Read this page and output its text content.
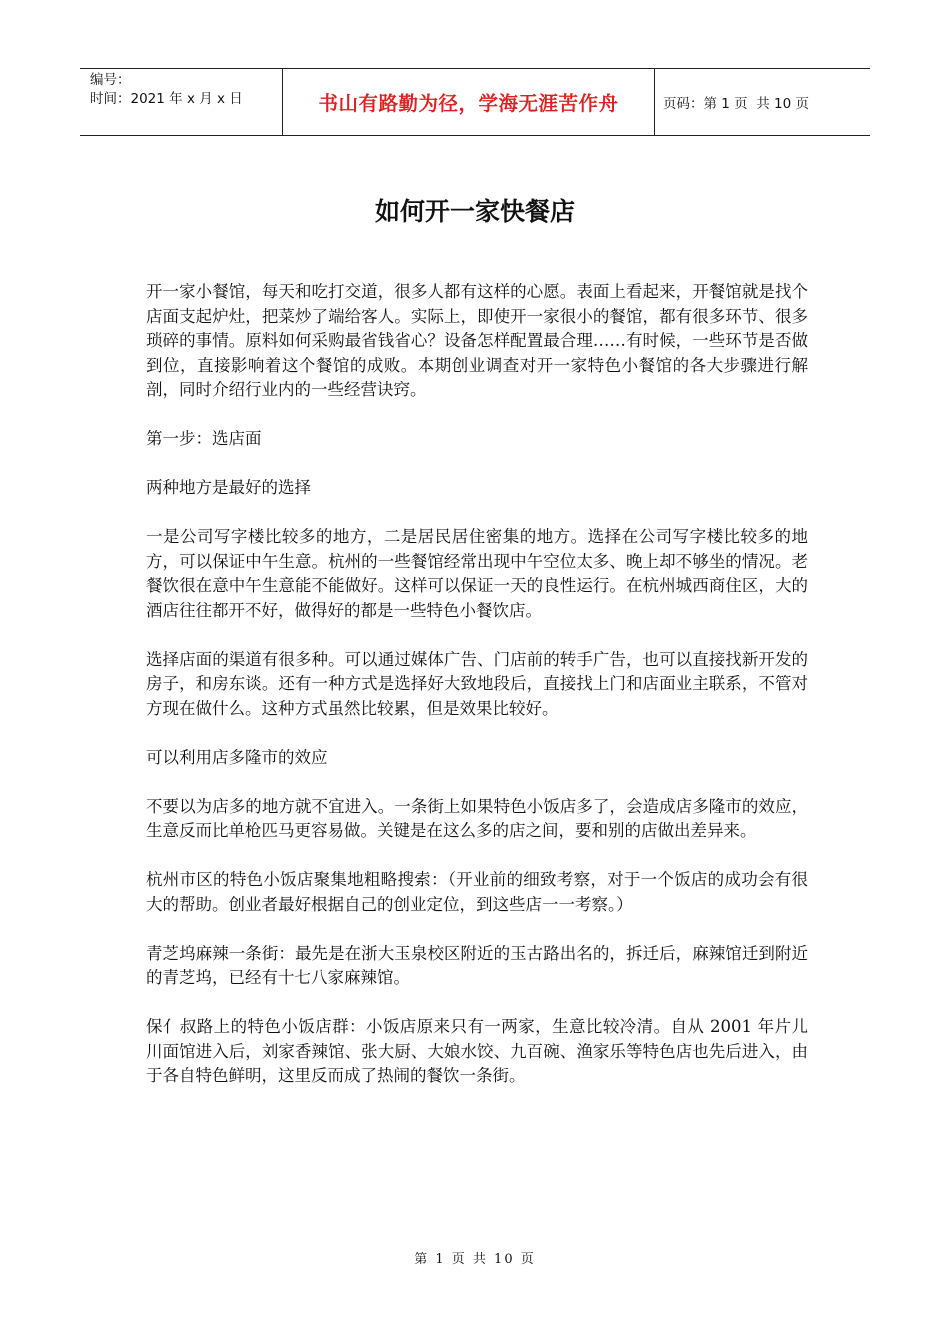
编号：
时间：2021 年 x 月 x 日	书山有路勤为径，学海无涯苦作舟	页码：第 1 页  共 10 页
如何开一家快餐店

开一家小餐馆，每天和吃打交道，很多人都有这样的心愿。表面上看起来，开餐馆就是找个店面支起炉灶，把菜炒了端给客人。实际上，即使开一家很小的餐馆，都有很多环节、很多琐碎的事情。原料如何采购最省钱省心？设备怎样配置最合理……有时候，一些环节是否做到位，直接影响着这个餐馆的成败。本期创业调查对开一家特色小餐馆的各大步骤进行解剖，同时介绍行业内的一些经营诀窍。

第一步：选店面

两种地方是最好的选择

一是公司写字楼比较多的地方，二是居民居住密集的地方。选择在公司写字楼比较多的地方，可以保证中午生意。杭州的一些餐馆经常出现中午空位太多、晚上却不够坐的情况。老餐饮很在意中午生意能不能做好。这样可以保证一天的良性运行。在杭州城西商住区，大的酒店往往都开不好，做得好的都是一些特色小餐饮店。

选择店面的渠道有很多种。可以通过媒体广告、门店前的转手广告，也可以直接找新开发的房子，和房东谈。还有一种方式是选择好大致地段后，直接找上门和店面业主联系，不管对方现在做什么。这种方式虽然比较累，但是效果比较好。

可以利用店多隆市的效应

不要以为店多的地方就不宜进入。一条街上如果特色小饭店多了，会造成店多隆市的效应，生意反而比单枪匹马更容易做。关键是在这么多的店之间，要和别的店做出差异来。

杭州市区的特色小饭店聚集地粗略搜索：（开业前的细致考察，对于一个饭店的成功会有很大的帮助。创业者最好根据自己的创业定位，到这些店一一考察。）

青芝坞麻辣一条街：最先是在浙大玉泉校区附近的玉古路出名的，拆迁后，麻辣馆迁到附近的青芝坞，已经有十七八家麻辣馆。

保亻叔路上的特色小饭店群：小饭店原来只有一两家，生意比较冷清。自从 2001 年片儿川面馆进入后，刘家香辣馆、张大厨、大娘水饺、九百碗、渔家乐等特色店也先后进入，由于各自特色鲜明，这里反而成了热闹的餐饮一条街。

第 1 页 共 10 页
